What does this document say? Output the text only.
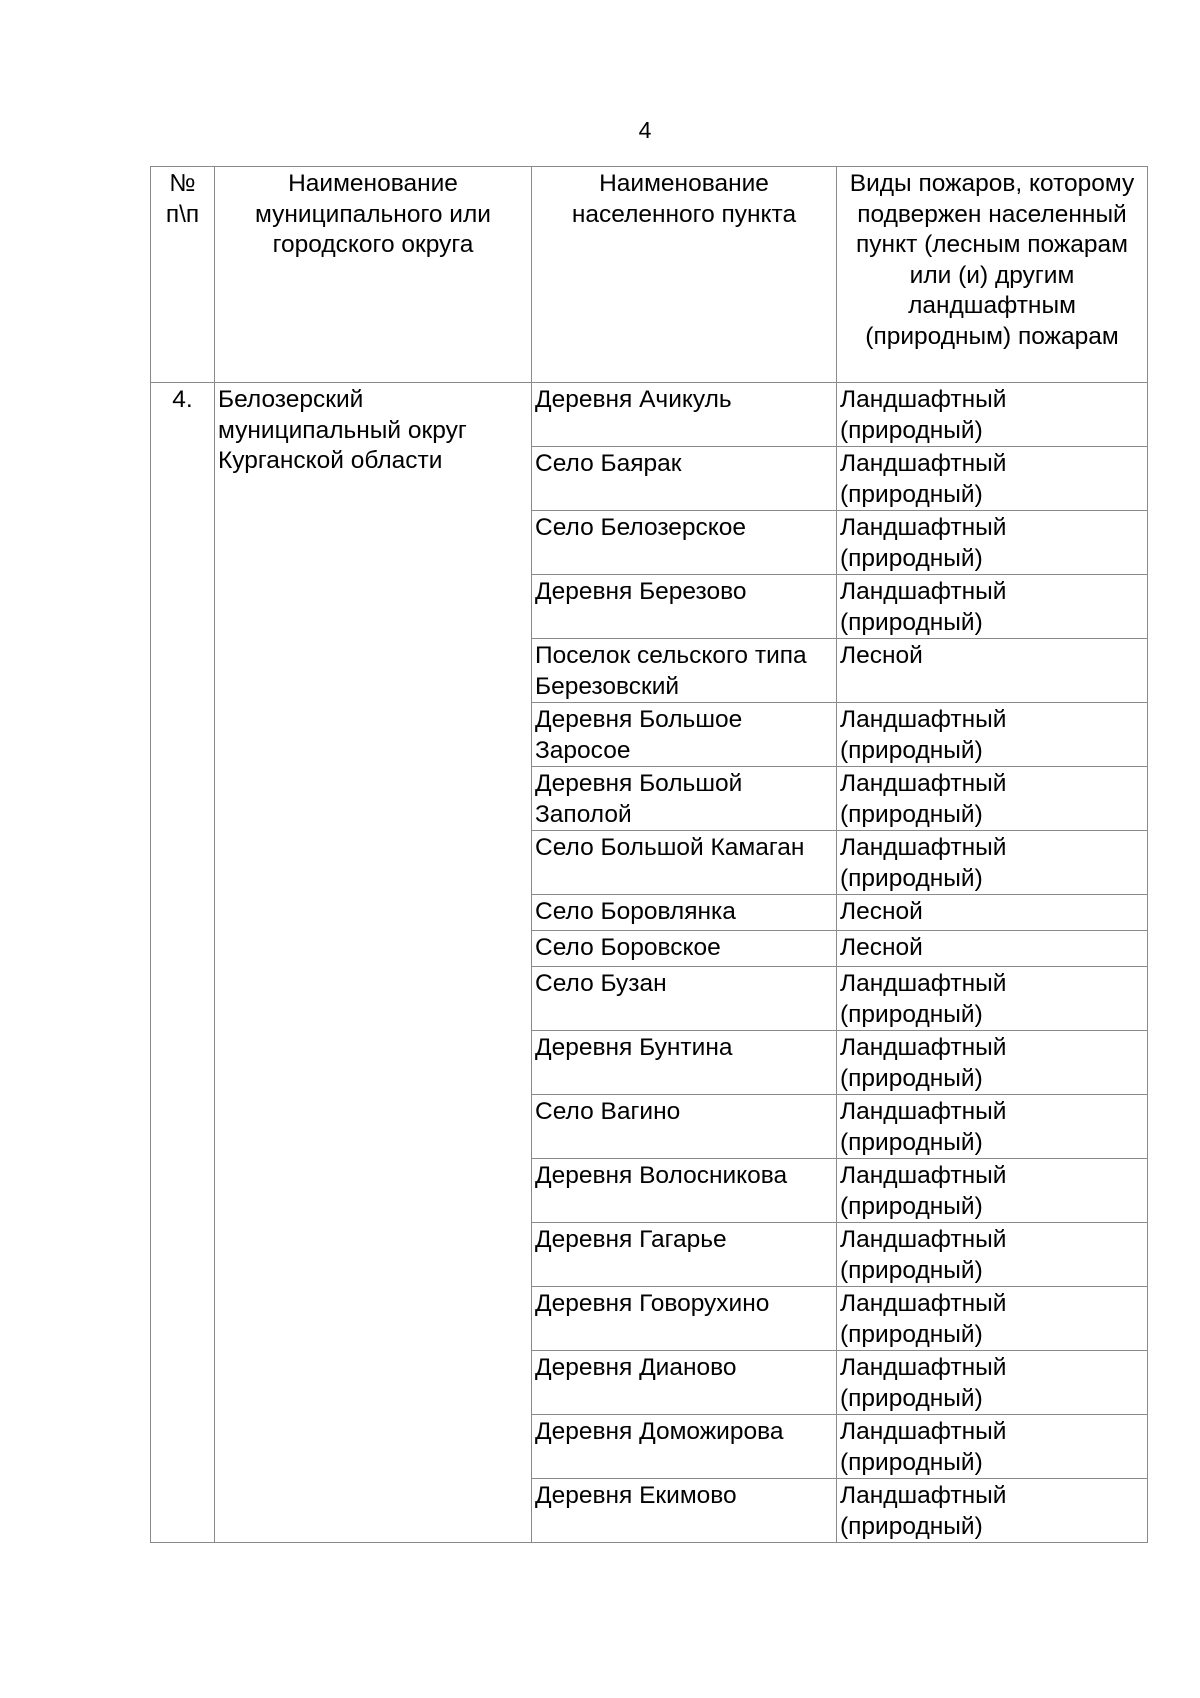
4
№ п\п	Наименование муниципального или городского округа	Наименование населенного пункта	Виды пожаров, которому подвержен населенный пункт (лесным пожарам или (и) другим ландшафтным (природным) пожарам
4.	Белозерский муниципальный округ Курганской области	Деревня Ачикуль	Ландшафтный (природный)
		Село Баярак	Ландшафтный (природный)
		Село Белозерское	Ландшафтный (природный)
		Деревня Березово	Ландшафтный (природный)
		Поселок сельского типа Березовский	Лесной
		Деревня Большое Заросое	Ландшафтный (природный)
		Деревня Большой Заполой	Ландшафтный (природный)
		Село Большой Камаган	Ландшафтный (природный)
		Село Боровлянка	Лесной
		Село Боровское	Лесной
		Село Бузан	Ландшафтный (природный)
		Деревня Бунтина	Ландшафтный (природный)
		Село Вагино	Ландшафтный (природный)
		Деревня Волосникова	Ландшафтный (природный)
		Деревня Гагарье	Ландшафтный (природный)
		Деревня Говорухино	Ландшафтный (природный)
		Деревня Дианово	Ландшафтный (природный)
		Деревня Доможирова	Ландшафтный (природный)
		Деревня Екимово	Ландшафтный (природный)
